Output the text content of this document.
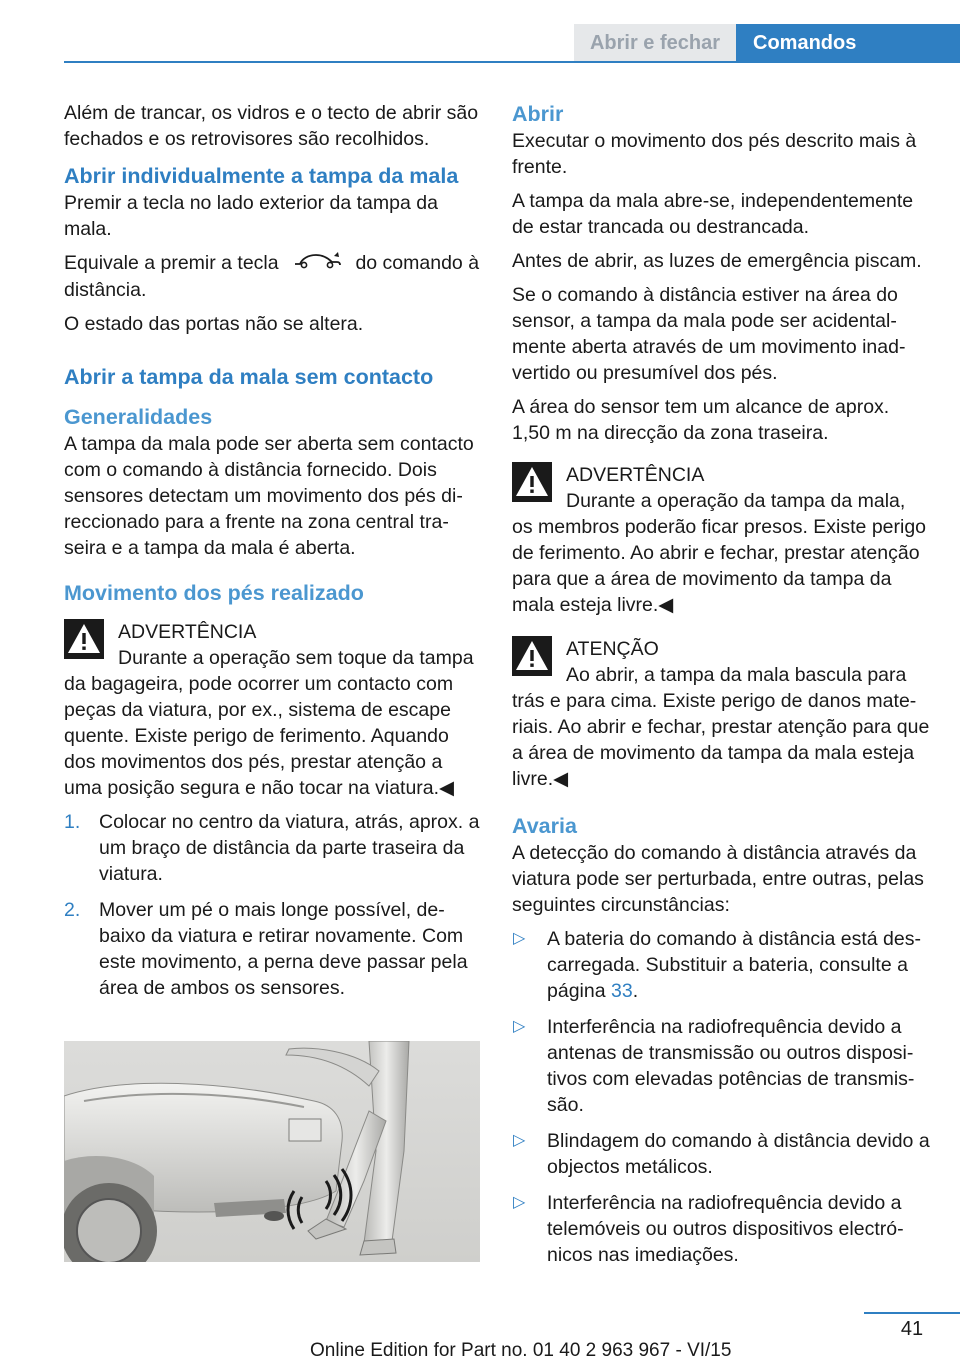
Abrir e fechar	Comandos

Além de trancar, os vidros e o tecto de abrir são fechados e os retrovisores são recolhidos.

Abrir individualmente a tampa da mala

Premir a tecla no lado exterior da tampa da mala.

Equivale a premir a tecla	do comando à distância.

O estado das portas não se altera.

Abrir a tampa da mala sem contacto
Generalidades

A tampa da mala pode ser aberta sem contacto com o comando à distância fornecido. Dois sensores detectam um movimento dos pés direccionado para a frente na zona central traseira e a tampa da mala é aberta.

Movimento dos pés realizado
ADVERTÊNCIA
Durante a operação sem toque da tampa da bagageira, pode ocorrer um contacto com peças da viatura, por ex., sistema de escape quente. Existe perigo de ferimento. Aquando dos movimentos dos pés, prestar atenção a uma posição segura e não tocar na viatura.◀
1. Colocar no centro da viatura, atrás, aprox. a um braço de distância da parte traseira da viatura.
2. Mover um pé o mais longe possível, debaixo da viatura e retirar novamente. Com este movimento, a perna deve passar pela área de ambos os sensores.
Abrir

Executar o movimento dos pés descrito mais à frente.

A tampa da mala abre-se, independentemente de estar trancada ou destrancada.

Antes de abrir, as luzes de emergência piscam.

Se o comando à distância estiver na área do sensor, a tampa da mala pode ser acidentalmente aberta através de um movimento inadvertido ou presumível dos pés.

A área do sensor tem um alcance de aprox. 1,50 m na direcção da zona traseira.

ADVERTÊNCIA
Durante a operação da tampa da mala, os membros poderão ficar presos. Existe perigo de ferimento. Ao abrir e fechar, prestar atenção para que a área de movimento da tampa da mala esteja livre.◀
ATENÇÃO
Ao abrir, a tampa da mala bascula para trás e para cima. Existe perigo de danos materiais. Ao abrir e fechar, prestar atenção para que a área de movimento da tampa da mala esteja livre.◀
Avaria

A detecção do comando à distância através da viatura pode ser perturbada, entre outras, pelas seguintes circunstâncias:

▷ A bateria do comando à distância está descarregada. Substituir a bateria, consulte a página 33.
▷ Interferência na radiofrequência devido a antenas de transmissão ou outros dispositivos com elevadas potências de transmissão.
▷ Blindagem do comando à distância devido a objectos metálicos.
▷ Interferência na radiofrequência devido a telemóveis ou outros dispositivos electrónicos nas imediações.
41
Online Edition for Part no. 01 40 2 963 967 - VI/15
